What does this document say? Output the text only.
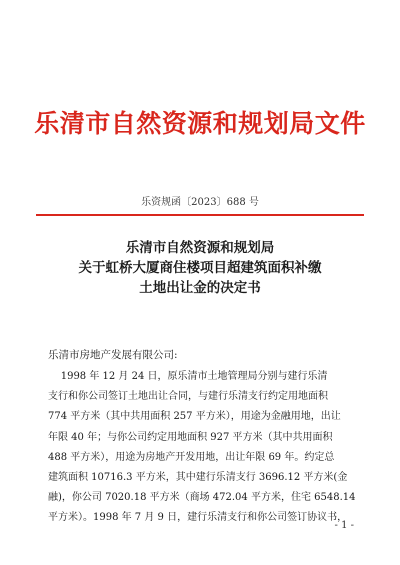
乐清市自然资源和规划局文件
乐资规函〔2023〕688 号
乐清市自然资源和规划局
关于虹桥大厦商住楼项目超建筑面积补缴
土地出让金的决定书
乐清市房地产发展有限公司:
1998 年 12 月 24 日，原乐清市土地管理局分别与建行乐清
支行和你公司签订土地出让合同，与建行乐清支行约定用地面积
774 平方米（其中共用面积 257 平方米），用途为金融用地，出让
年限 40 年；与你公司约定用地面积 927 平方米（其中共用面积
488 平方米），用途为房地产开发用地，出让年限 69 年。约定总
建筑面积 10716.3 平方米，其中建行乐清支行 3696.12 平方米(金
融)，你公司 7020.18 平方米（商场 472.04 平方米，住宅 6548.14
平方米）。1998 年 7 月 9 日，建行乐清支行和你公司签订协议书，
- 1 -
